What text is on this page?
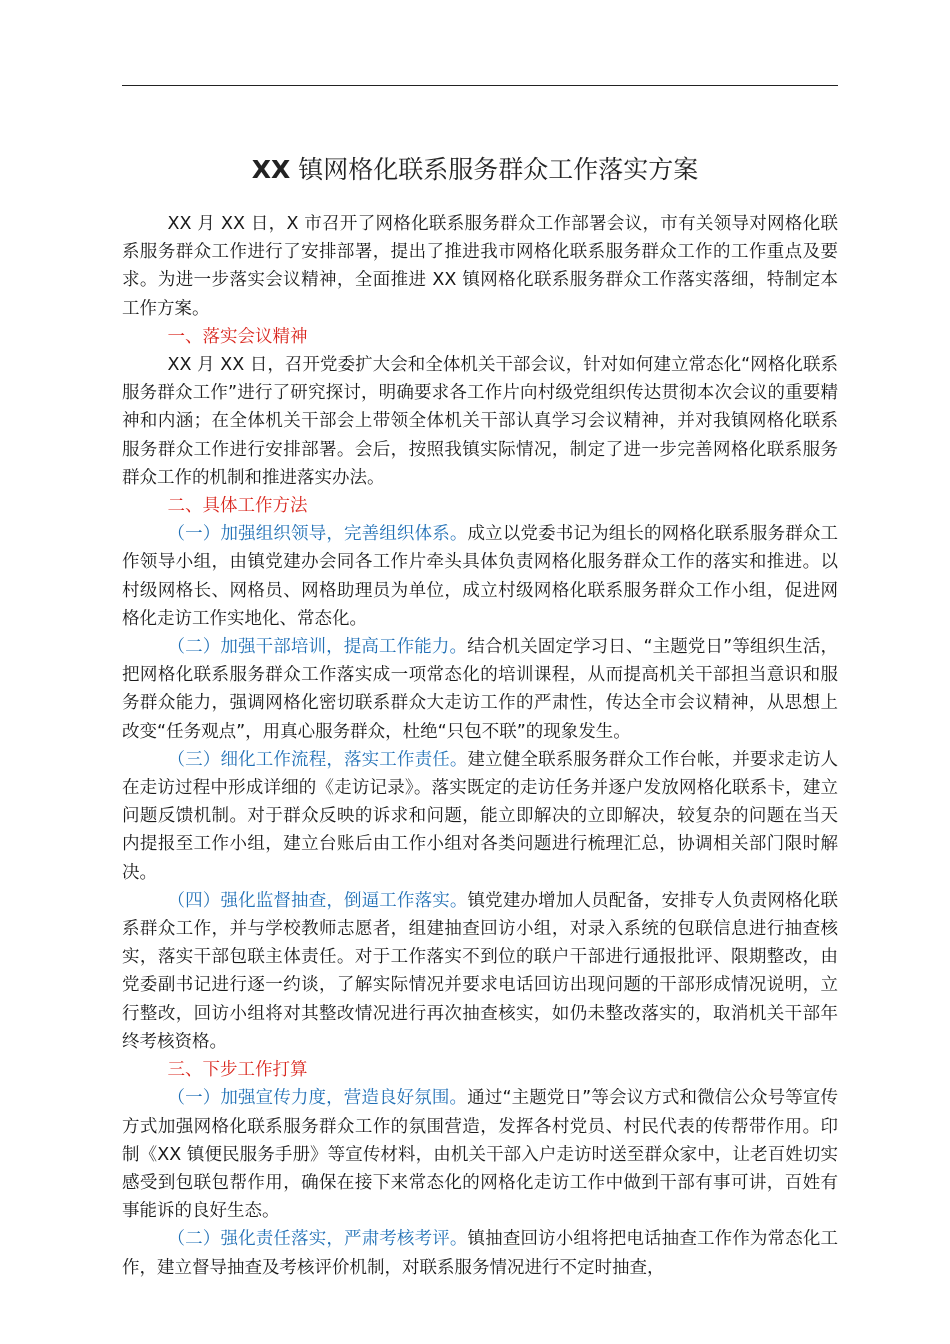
XX 镇网格化联系服务群众工作落实方案

XX 月 XX 日，X 市召开了网格化联系服务群众工作部署会议，市有关领导对网格化联系服务群众工作进行了安排部署，提出了推进我市网格化联系服务群众工作的工作重点及要求。为进一步落实会议精神，全面推进 XX 镇网格化联系服务群众工作落实落细，特制定本工作方案。

一、落实会议精神

XX 月 XX 日，召开党委扩大会和全体机关干部会议，针对如何建立常态化“网格化联系服务群众工作”进行了研究探讨，明确要求各工作片向村级党组织传达贯彻本次会议的重要精神和内涵；在全体机关干部会上带领全体机关干部认真学习会议精神，并对我镇网格化联系服务群众工作进行安排部署。会后，按照我镇实际情况，制定了进一步完善网格化联系服务群众工作的机制和推进落实办法。

二、具体工作方法

（一）加强组织领导，完善组织体系。成立以党委书记为组长的网格化联系服务群众工作领导小组，由镇党建办会同各工作片牵头具体负责网格化服务群众工作的落实和推进。以村级网格长、网格员、网格助理员为单位，成立村级网格化联系服务群众工作小组，促进网格化走访工作实地化、常态化。

（二）加强干部培训，提高工作能力。结合机关固定学习日、“主题党日”等组织生活，把网格化联系服务群众工作落实成一项常态化的培训课程，从而提高机关干部担当意识和服务群众能力，强调网格化密切联系群众大走访工作的严肃性，传达全市会议精神，从思想上改变“任务观点”，用真心服务群众，杜绝“只包不联”的现象发生。

（三）细化工作流程，落实工作责任。建立健全联系服务群众工作台帐，并要求走访人在走访过程中形成详细的《走访记录》。落实既定的走访任务并逐户发放网格化联系卡，建立问题反馈机制。对于群众反映的诉求和问题，能立即解决的立即解决，较复杂的问题在当天内提报至工作小组，建立台账后由工作小组对各类问题进行梳理汇总，协调相关部门限时解决。

（四）强化监督抽查，倒逼工作落实。镇党建办增加人员配备，安排专人负责网格化联系群众工作，并与学校教师志愿者，组建抽查回访小组，对录入系统的包联信息进行抽查核实，落实干部包联主体责任。对于工作落实不到位的联户干部进行通报批评、限期整改，由党委副书记进行逐一约谈，了解实际情况并要求电话回访出现问题的干部形成情况说明，立行整改，回访小组将对其整改情况进行再次抽查核实，如仍未整改落实的，取消机关干部年终考核资格。

三、下步工作打算

（一）加强宣传力度，营造良好氛围。通过“主题党日”等会议方式和微信公众号等宣传方式加强网格化联系服务群众工作的氛围营造，发挥各村党员、村民代表的传帮带作用。印制《XX 镇便民服务手册》等宣传材料，由机关干部入户走访时送至群众家中，让老百姓切实感受到包联包帮作用，确保在接下来常态化的网格化走访工作中做到干部有事可讲，百姓有事能诉的良好生态。

（二）强化责任落实，严肃考核考评。镇抽查回访小组将把电话抽查工作作为常态化工作，建立督导抽查及考核评价机制，对联系服务情况进行不定时抽查，
